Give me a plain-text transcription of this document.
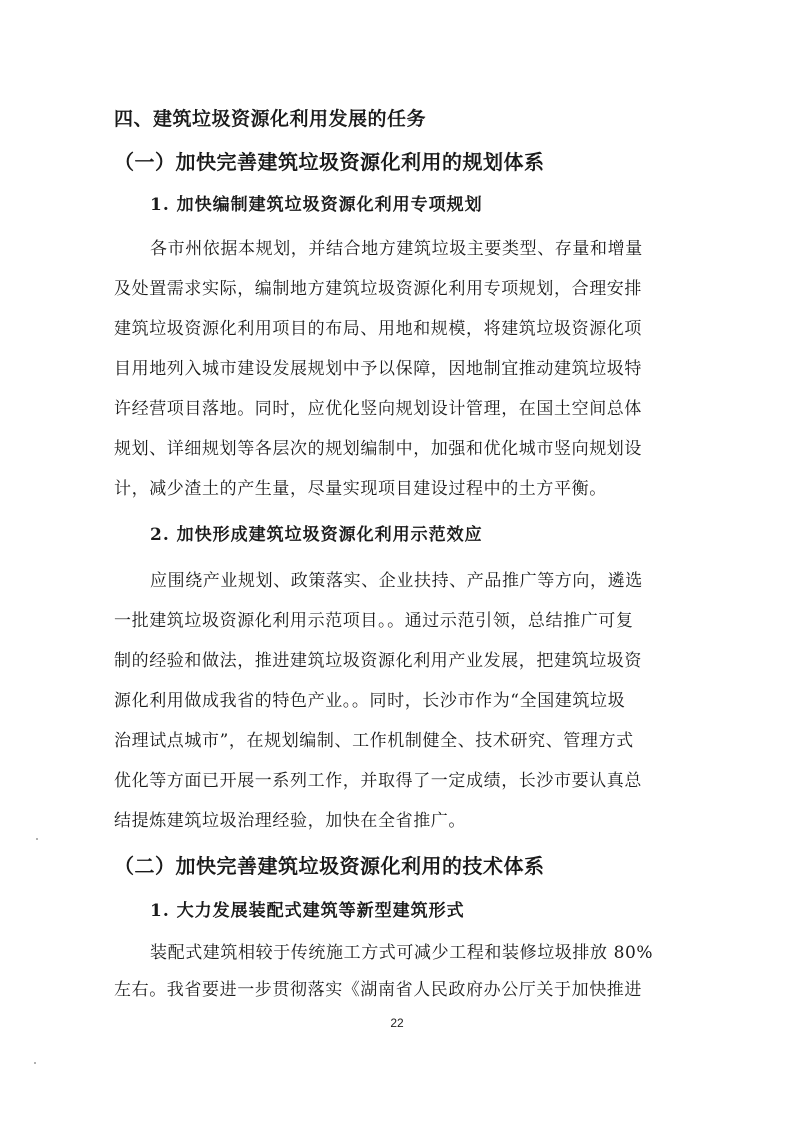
四、建筑垃圾资源化利用发展的任务
（一）加快完善建筑垃圾资源化利用的规划体系
1. 加快编制建筑垃圾资源化利用专项规划
各市州依据本规划，并结合地方建筑垃圾主要类型、存量和增量
及处置需求实际，编制地方建筑垃圾资源化利用专项规划，合理安排
建筑垃圾资源化利用项目的布局、用地和规模，将建筑垃圾资源化项
目用地列入城市建设发展规划中予以保障，因地制宜推动建筑垃圾特
许经营项目落地。同时，应优化竖向规划设计管理，在国土空间总体
规划、详细规划等各层次的规划编制中，加强和优化城市竖向规划设
计，减少渣土的产生量，尽量实现项目建设过程中的土方平衡。
2. 加快形成建筑垃圾资源化利用示范效应
应围绕产业规划、政策落实、企业扶持、产品推广等方向，遴选
一批建筑垃圾资源化利用示范项目。。通过示范引领，总结推广可复
制的经验和做法，推进建筑垃圾资源化利用产业发展，把建筑垃圾资
源化利用做成我省的特色产业。。同时，长沙市作为“全国建筑垃圾
治理试点城市”，在规划编制、工作机制健全、技术研究、管理方式
优化等方面已开展一系列工作，并取得了一定成绩，长沙市要认真总
结提炼建筑垃圾治理经验，加快在全省推广。
（二）加快完善建筑垃圾资源化利用的技术体系
1. 大力发展装配式建筑等新型建筑形式
装配式建筑相较于传统施工方式可减少工程和装修垃圾排放 80%
左右。我省要进一步贯彻落实《湖南省人民政府办公厅关于加快推进
22
